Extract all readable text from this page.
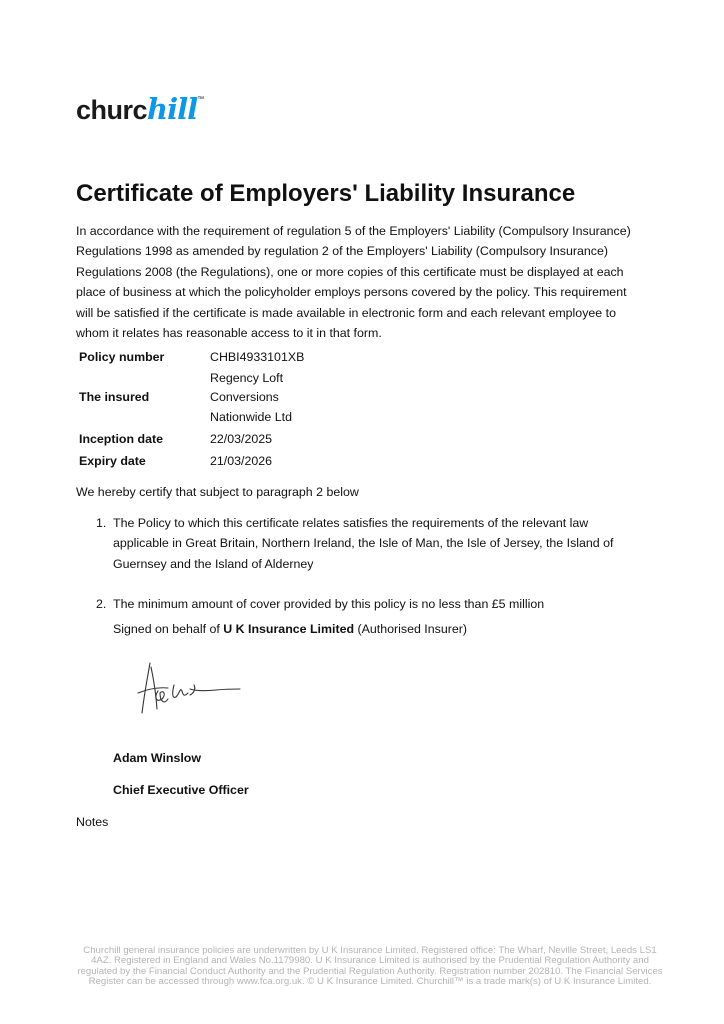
churchill™
Certificate of Employers' Liability Insurance

In accordance with the requirement of regulation 5 of the Employers' Liability (Compulsory Insurance) Regulations 1998 as amended by regulation 2 of the Employers' Liability (Compulsory Insurance) Regulations 2008 (the Regulations), one or more copies of this certificate must be displayed at each place of business at which the policyholder employs persons covered by the policy. This requirement will be satisfied if the certificate is made available in electronic form and each relevant employee to whom it relates has reasonable access to it in that form.

Policy number	CHBI4933101XB
The insured	Regency Loft
Conversions
Nationwide Ltd

Inception date	22/03/2025
Expiry date	21/03/2026

We hereby certify that subject to paragraph 2 below

1. The Policy to which this certificate relates satisfies the requirements of the relevant law applicable in Great Britain, Northern Ireland, the Isle of Man, the Isle of Jersey, the Island of Guernsey and the Island of Alderney
2. The minimum amount of cover provided by this policy is no less than £5 million

Signed on behalf of U K Insurance Limited (Authorised Insurer)

Adam Winslow

Chief Executive Officer

Notes

Churchill general insurance policies are underwritten by U K Insurance Limited. Registered office: The Wharf, Neville Street, Leeds LS1 4AZ. Registered in England and Wales No.1179980. U K Insurance Limited is authorised by the Prudential Regulation Authority and regulated by the Financial Conduct Authority and the Prudential Regulation Authority. Registration number 202810. The Financial Services Register can be accessed through www.fca.org.uk. © U K Insurance Limited. Churchill™ is a trade mark(s) of U K Insurance Limited.
